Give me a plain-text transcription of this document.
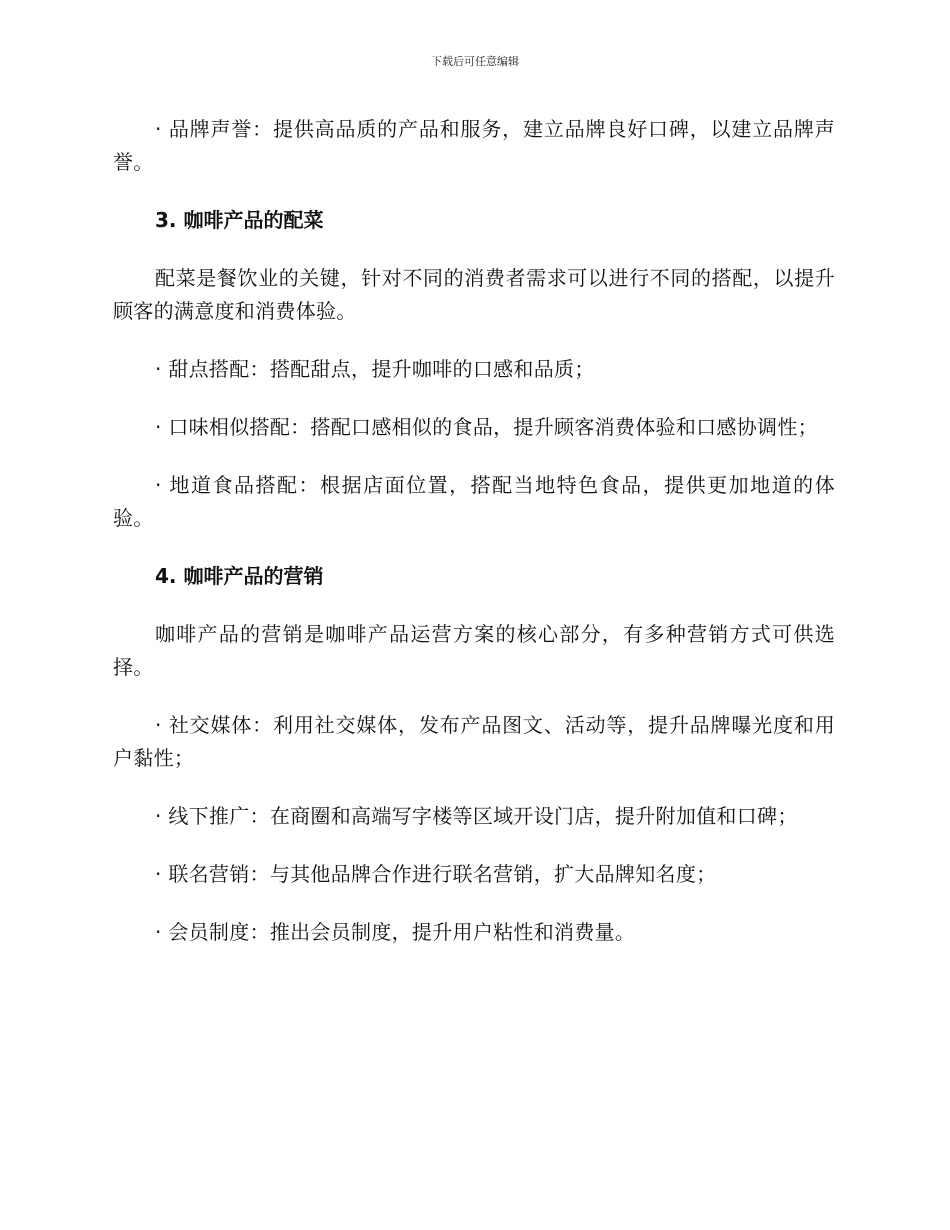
下载后可任意编辑

· 品牌声誉：提供高品质的产品和服务，建立品牌良好口碑，以建立品牌声誉。

3. 咖啡产品的配菜

配菜是餐饮业的关键，针对不同的消费者需求可以进行不同的搭配，以提升顾客的满意度和消费体验。

· 甜点搭配：搭配甜点，提升咖啡的口感和品质；

· 口味相似搭配：搭配口感相似的食品，提升顾客消费体验和口感协调性；

· 地道食品搭配：根据店面位置，搭配当地特色食品，提供更加地道的体验。

4. 咖啡产品的营销

咖啡产品的营销是咖啡产品运营方案的核心部分，有多种营销方式可供选择。

· 社交媒体：利用社交媒体，发布产品图文、活动等，提升品牌曝光度和用户黏性；

· 线下推广：在商圈和高端写字楼等区域开设门店，提升附加值和口碑；

· 联名营销：与其他品牌合作进行联名营销，扩大品牌知名度；

· 会员制度：推出会员制度，提升用户粘性和消费量。
